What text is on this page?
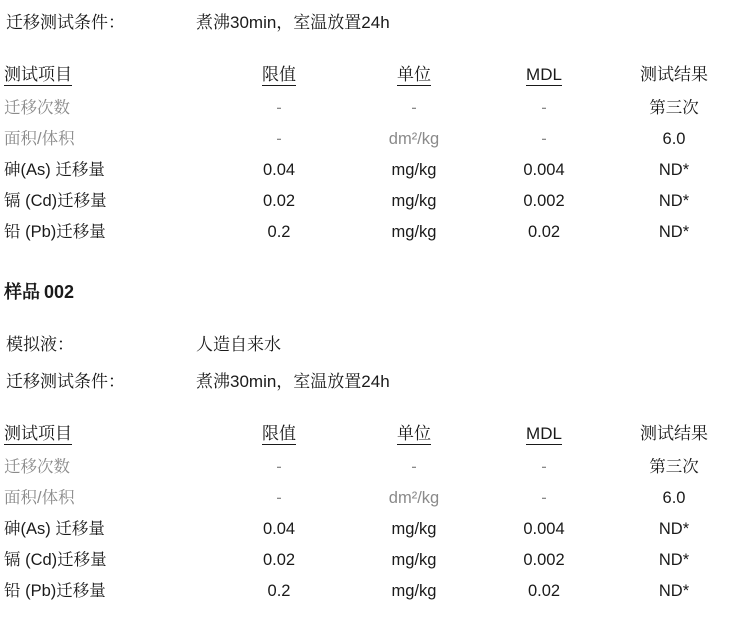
迁移测试条件：	煮沸30min，室温放置24h
测试项目	限值	单位	MDL	测试结果
迁移次数	-	-	-	第三次
面积/体积	-	dm²/kg	-	6.0
砷(As) 迁移量	0.04	mg/kg	0.004	ND*
镉 (Cd)迁移量	0.02	mg/kg	0.002	ND*
铅 (Pb)迁移量	0.2	mg/kg	0.02	ND*
样品 002
模拟液：	人造自来水
迁移测试条件：	煮沸30min，室温放置24h
测试项目	限值	单位	MDL	测试结果
迁移次数	-	-	-	第三次
面积/体积	-	dm²/kg	-	6.0
砷(As) 迁移量	0.04	mg/kg	0.004	ND*
镉 (Cd)迁移量	0.02	mg/kg	0.002	ND*
铅 (Pb)迁移量	0.2	mg/kg	0.02	ND*
